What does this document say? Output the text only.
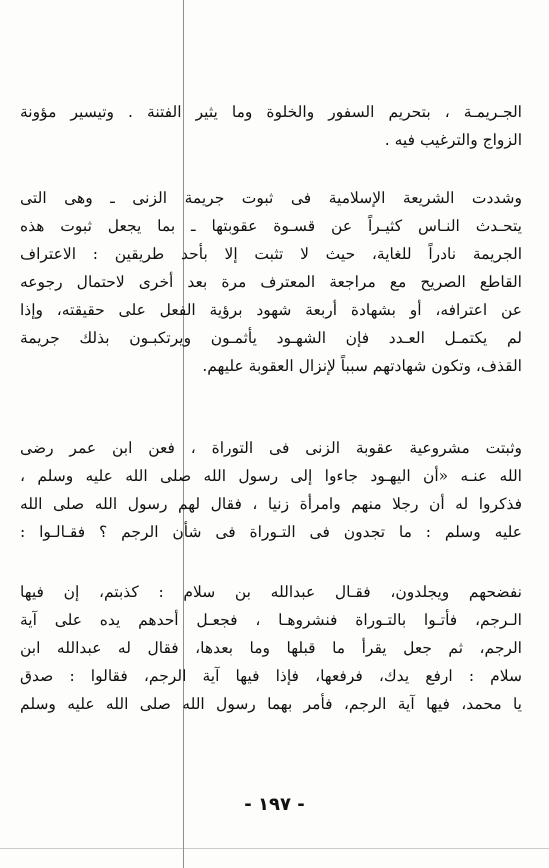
الجـريمـة ، بتحريم السفور والخلوة وما يثير الفتنة . وتيسير مؤونة
الزواج والترغيب فيه .
وشددت الشريعة الإسلامية فى ثبوت جريمة الزنى ـ وهى التى
يتحـدث النـاس كثيـراً عن قسـوة عقوبتها ـ بما يجعل ثبوت هذه
الجريمة نادراً للغاية، حيث لا تثبت إلا بأحد طريقين : الاعتراف
القاطع الصريح مع مراجعة المعترف مرة بعد أخرى لاحتمال رجوعه
عن اعترافه، أو بشهادة أربعة شهود برؤية الفعل على حقيقته، وإذا
لم يكتمـل العـدد فإن الشهـود يأثمـون ويرتكبـون بذلك جريمة
القذف، وتكون شهادتهم سبباً لإنزال العقوبة عليهم.
وثبتت مشروعية عقوبة الزنى فى التوراة ، فعن ابن عمر رضى
الله عنـه «أن اليهـود جاءوا إلى رسول الله صلى الله عليه وسلم ،
فذكروا له أن رجلا منهم وامرأة زنيا ، فقال لهم رسول الله صلى الله
عليه وسلم : ما تجدون فى التـوراة فى شأن الرجم ؟ فقـالـوا :
نفضحهم ويجلدون، فقـال عبدالله بن سلام : كذبتم، إن فيها
الـرجم، فأتـوا بالتـوراة فنشروهـا ، فجعـل أحدهم يده على آية
الرجم، ثم جعل يقرأ ما قبلها وما بعدها، فقال له عبدالله ابن
سلام : ارفع يدك، فرفعها، فإذا فيها آية الرجم، فقالوا : صدق
يا محمد، فيها آية الرجم، فأمر بهما رسول الله صلى الله عليه وسلم
- ١٩٧ -
